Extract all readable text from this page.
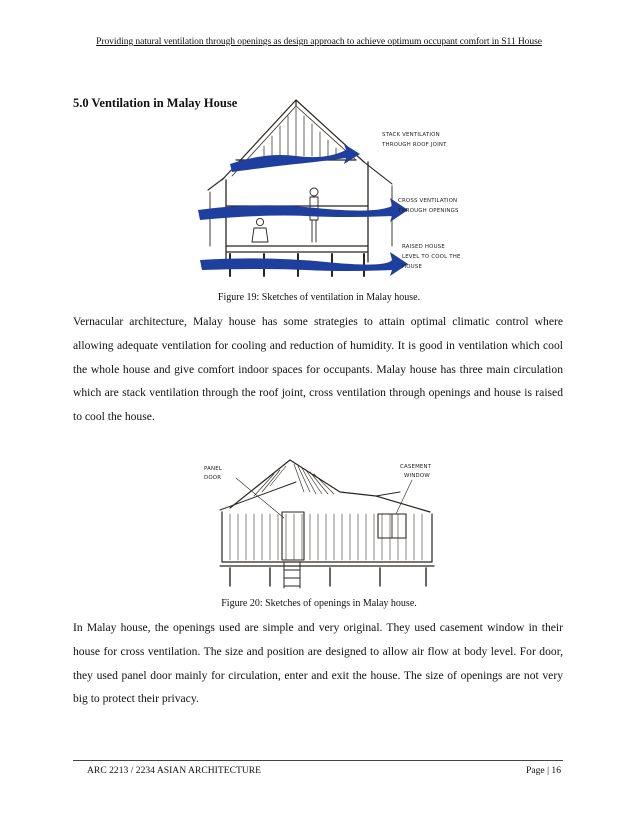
Providing natural ventilation through openings as design approach to achieve optimum occupant comfort in S11 House
5.0 Ventilation in Malay House
STACK VENTILATION
THROUGH ROOF JOINT
CROSS VENTILATION
THROUGH OPENINGS
RAISED HOUSE
LEVEL TO COOL THE
HOUSE
Figure 19: Sketches of ventilation in Malay house.

Vernacular architecture, Malay house has some strategies to attain optimal climatic control where allowing adequate ventilation for cooling and reduction of humidity. It is good in ventilation which cool the whole house and give comfort indoor spaces for occupants. Malay house has three main circulation which are stack ventilation through the roof joint, cross ventilation through openings and house is raised to cool the house.

PANEL
DOOR
CASEMENT
WINDOW
Figure 20: Sketches of openings in Malay house.

In Malay house, the openings used are simple and very original. They used casement window in their house for cross ventilation. The size and position are designed to allow air flow at body level. For door, they used panel door mainly for circulation, enter and exit the house. The size of openings are not very big to protect their privacy.

ARC 2213 / 2234 ASIAN ARCHITECTURE	Page | 16
